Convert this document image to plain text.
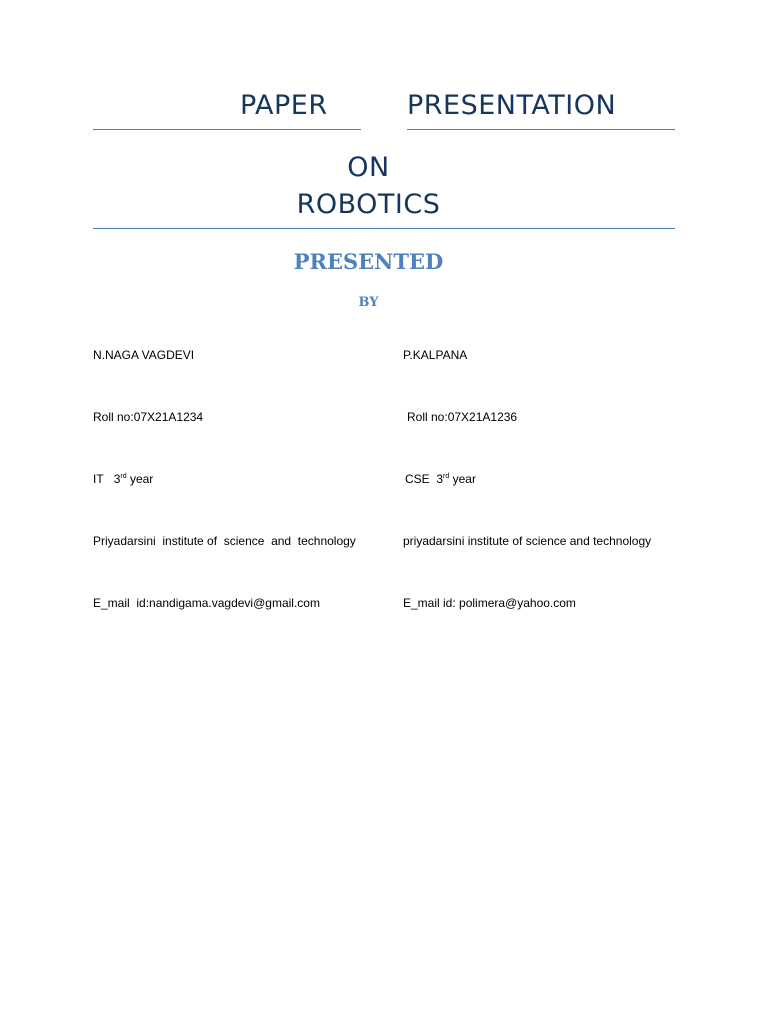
PAPER	PRESENTATION
ON
ROBOTICS
PRESENTED
BY
N.NAGA VAGDEVI
Roll no:07X21A1234
IT 3rd year
Priyadarsini  institute of  science  and  technology
E_mail  id:nandigama.vagdevi@gmail.com
P.KALPANA
Roll no:07X21A1236
CSE 3rd year
priyadarsini institute of science and technology
E_mail id: polimera@yahoo.com
